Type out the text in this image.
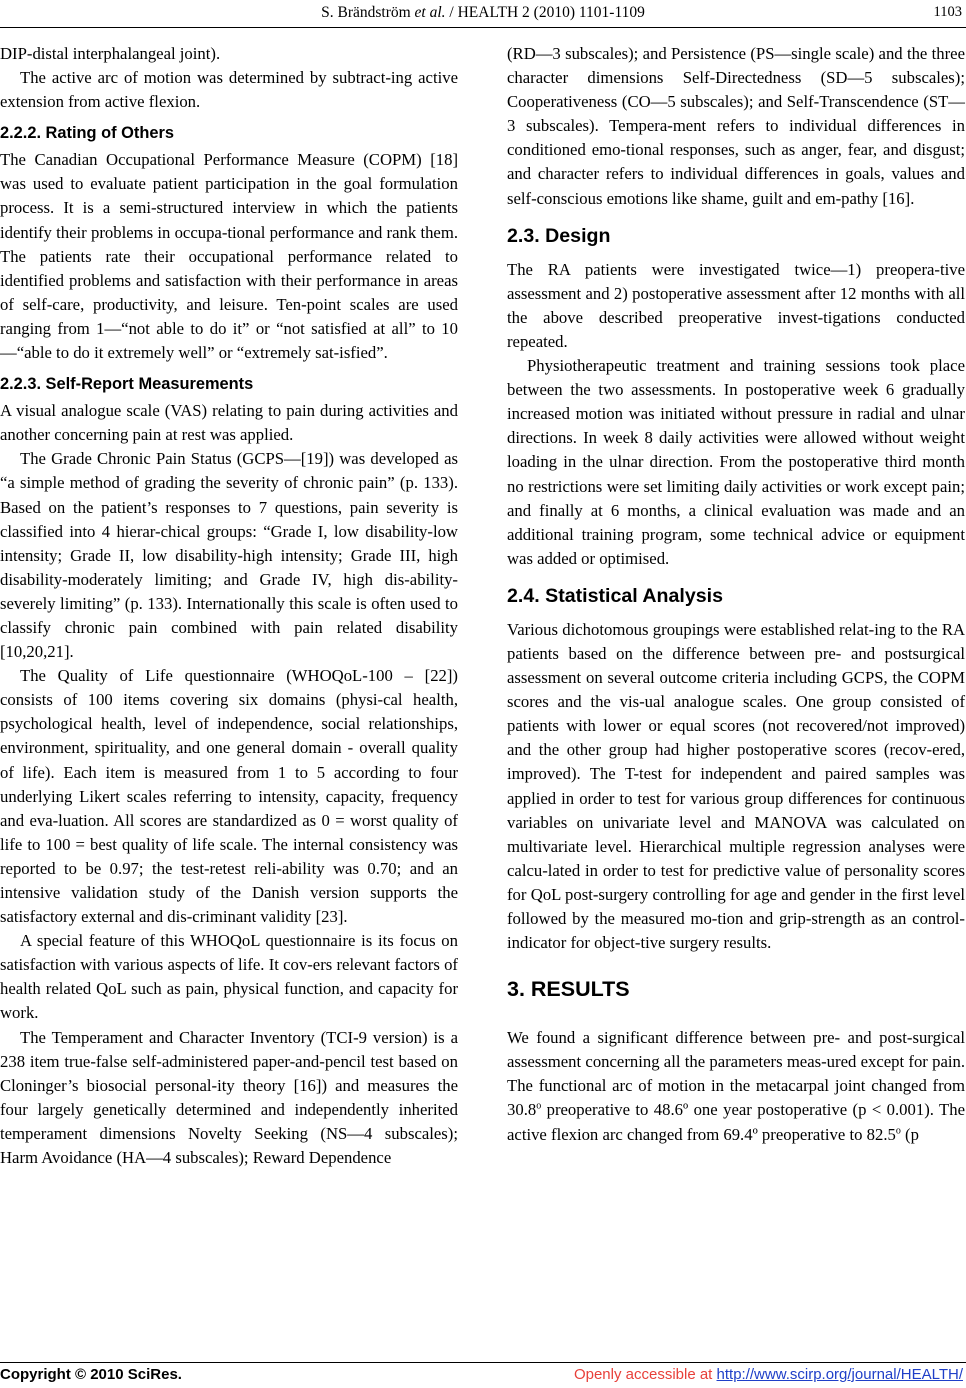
S. Brändström et al. / HEALTH 2 (2010) 1101-1109	1103

DIP-distal interphalangeal joint).

The active arc of motion was determined by subtract-ing active extension from active flexion.

2.2.2. Rating of Others

The Canadian Occupational Performance Measure (COPM) [18] was used to evaluate patient participation in the goal formulation process. It is a semi-structured interview in which the patients identify their problems in occupa-tional performance and rank them. The patients rate their occupational performance related to identified problems and satisfaction with their performance in areas of self-care, productivity, and leisure. Ten-point scales are used ranging from 1—“not able to do it” or “not satisfied at all” to 10—“able to do it extremely well” or “extremely sat-isfied”.

2.2.3. Self-Report Measurements

A visual analogue scale (VAS) relating to pain during activities and another concerning pain at rest was applied.

The Grade Chronic Pain Status (GCPS—[19]) was developed as “a simple method of grading the severity of chronic pain” (p. 133). Based on the patient’s responses to 7 questions, pain severity is classified into 4 hierar-chical groups: “Grade I, low disability-low intensity; Grade II, low disability-high intensity; Grade III, high disability-moderately limiting; and Grade IV, high dis-ability-severely limiting” (p. 133). Internationally this scale is often used to classify chronic pain combined with pain related disability [10,20,21].

The Quality of Life questionnaire (WHOQoL-100 – [22]) consists of 100 items covering six domains (physi-cal health, psychological health, level of independence, social relationships, environment, spirituality, and one general domain - overall quality of life). Each item is measured from 1 to 5 according to four underlying Likert scales referring to intensity, capacity, frequency and eva-luation. All scores are standardized as 0 = worst quality of life to 100 = best quality of life scale. The internal consistency was reported to be 0.97; the test-retest reli-ability was 0.70; and an intensive validation study of the Danish version supports the satisfactory external and dis-criminant validity [23].

A special feature of this WHOQoL questionnaire is its focus on satisfaction with various aspects of life. It cov-ers relevant factors of health related QoL such as pain, physical function, and capacity for work.

The Temperament and Character Inventory (TCI-9 version) is a 238 item true-false self-administered paper-and-pencil test based on Cloninger’s biosocial personal-ity theory [16]) and measures the four largely genetically determined and independently inherited temperament dimensions Novelty Seeking (NS—4 subscales); Harm Avoidance (HA—4 subscales); Reward Dependence

(RD—3 subscales); and Persistence (PS—single scale) and the three character dimensions Self-Directedness (SD—5 subscales); Cooperativeness (CO—5 subscales); and Self-Transcendence (ST—3 subscales). Tempera-ment refers to individual differences in conditioned emo-tional responses, such as anger, fear, and disgust; and character refers to individual differences in goals, values and self-conscious emotions like shame, guilt and em-pathy [16].

2.3. Design

The RA patients were investigated twice—1) preopera-tive assessment and 2) postoperative assessment after 12 months with all the above described preoperative invest-tigations conducted repeated.

Physiotherapeutic treatment and training sessions took place between the two assessments. In postoperative week 6 gradually increased motion was initiated without pressure in radial and ulnar directions. In week 8 daily activities were allowed without weight loading in the ulnar direction. From the postoperative third month no restrictions were set limiting daily activities or work except pain; and finally at 6 months, a clinical evaluation was made and an additional training program, some technical advice or equipment was added or optimised.

2.4. Statistical Analysis

Various dichotomous groupings were established relat-ing to the RA patients based on the difference between pre- and postsurgical assessment on several outcome criteria including GCPS, the COPM scores and the vis-ual analogue scales. One group consisted of patients with lower or equal scores (not recovered/not improved) and the other group had higher postoperative scores (recov-ered, improved). The T-test for independent and paired samples was applied in order to test for various group differences for continuous variables on univariate level and MANOVA was calculated on multivariate level. Hierarchical multiple regression analyses were calcu-lated in order to test for predictive value of personality scores for QoL post-surgery controlling for age and gender in the first level followed by the measured mo-tion and grip-strength as an control-indicator for object-tive surgery results.

3. RESULTS

We found a significant difference between pre- and post-surgical assessment concerning all the parameters meas-ured except for pain. The functional arc of motion in the metacarpal joint changed from 30.8$^o$ preoperative to 48.6º one year postoperative (p < 0.001). The active flexion arc changed from 69.4º preoperative to 82.5$^o$ (p

Copyright © 2010 SciRes.	Openly accessible at http://www.scirp.org/journal/HEALTH/
